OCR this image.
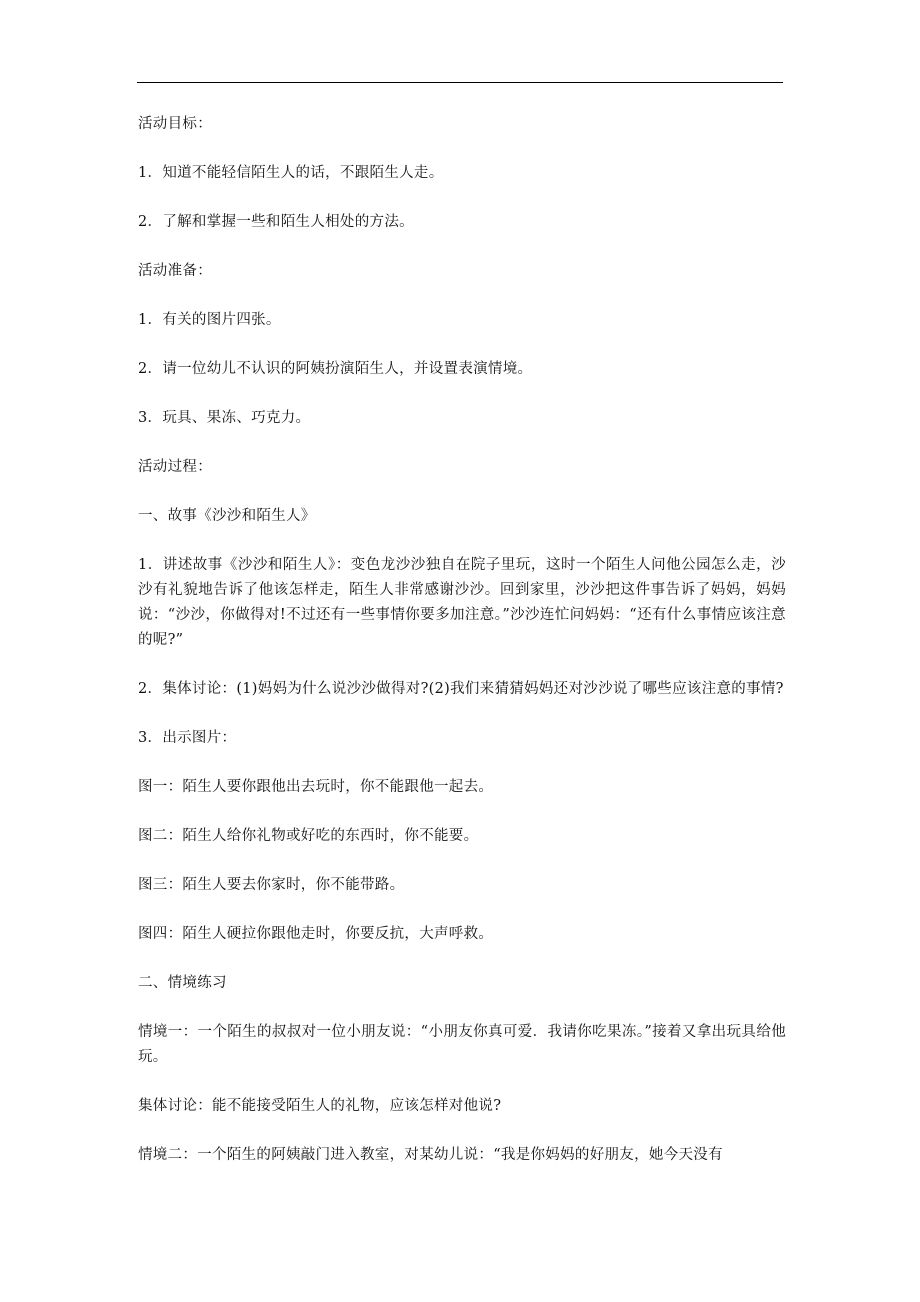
活动目标：

1．知道不能轻信陌生人的话，不跟陌生人走。

2．了解和掌握一些和陌生人相处的方法。

活动准备：

1．有关的图片四张。

2．请一位幼儿不认识的阿姨扮演陌生人，并设置表演情境。

3．玩具、果冻、巧克力。

活动过程：

一、故事《沙沙和陌生人》

1．讲述故事《沙沙和陌生人》：变色龙沙沙独自在院子里玩，这时一个陌生人问他公园怎么走，沙沙有礼貌地告诉了他该怎样走，陌生人非常感谢沙沙。回到家里，沙沙把这件事告诉了妈妈，妈妈说：“沙沙，你做得对!不过还有一些事情你要多加注意。”沙沙连忙问妈妈：“还有什么事情应该注意的呢?”

2．集体讨论：(1)妈妈为什么说沙沙做得对?(2)我们来猜猜妈妈还对沙沙说了哪些应该注意的事情?

3．出示图片：

图一：陌生人要你跟他出去玩时，你不能跟他一起去。

图二：陌生人给你礼物或好吃的东西时，你不能要。

图三：陌生人要去你家时，你不能带路。

图四：陌生人硬拉你跟他走时，你要反抗，大声呼救。

二、情境练习

情境一：一个陌生的叔叔对一位小朋友说：“小朋友你真可爱．我请你吃果冻。”接着又拿出玩具给他玩。

集体讨论：能不能接受陌生人的礼物，应该怎样对他说?

情境二：一个陌生的阿姨敲门进入教室，对某幼儿说：“我是你妈妈的好朋友，她今天没有
